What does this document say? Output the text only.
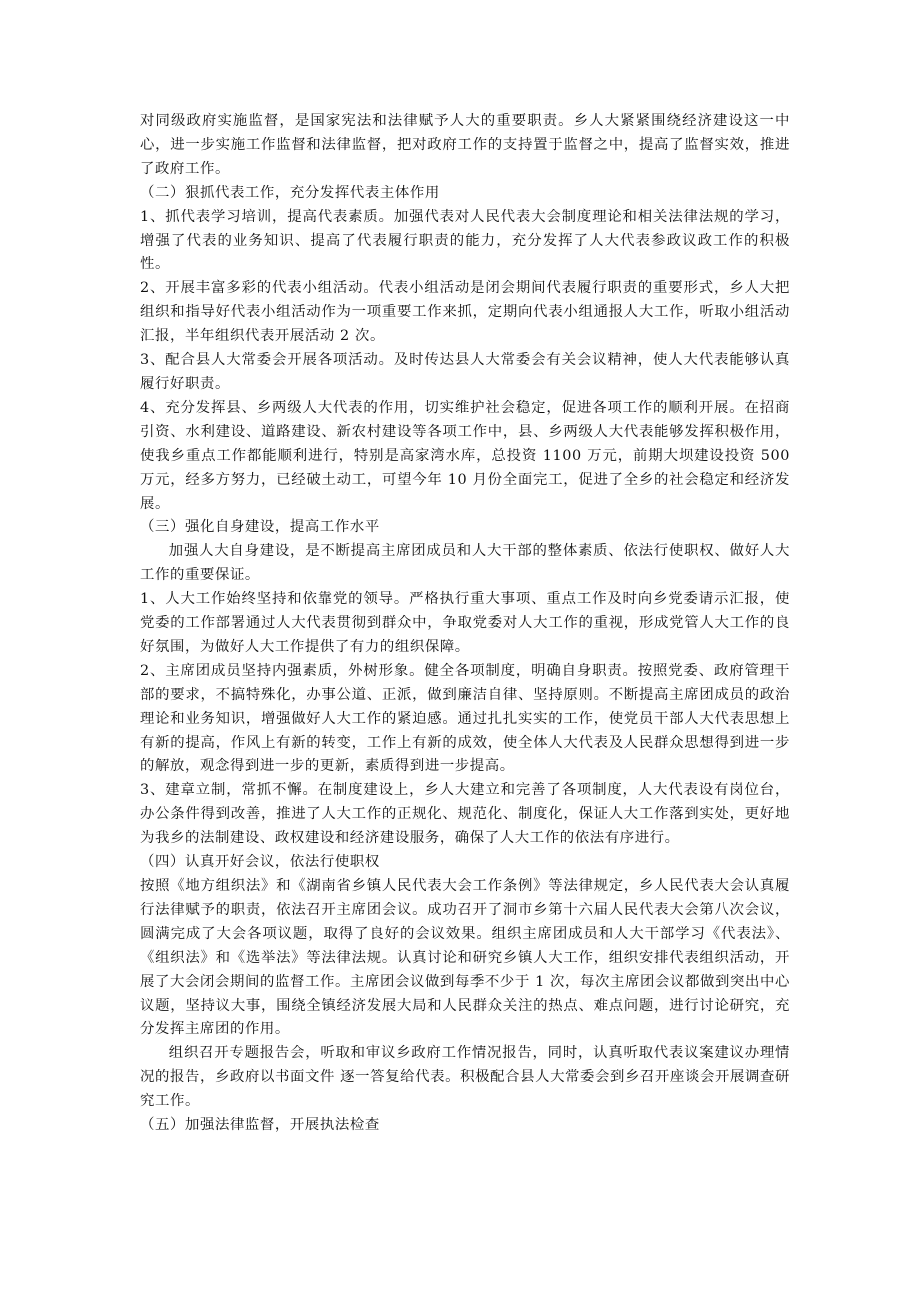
对同级政府实施监督，是国家宪法和法律赋予人大的重要职责。乡人大紧紧围绕经济建设这一中心，进一步实施工作监督和法律监督，把对政府工作的支持置于监督之中，提高了监督实效，推进了政府工作。

（二）狠抓代表工作，充分发挥代表主体作用

1、抓代表学习培训，提高代表素质。加强代表对人民代表大会制度理论和相关法律法规的学习，增强了代表的业务知识、提高了代表履行职责的能力，充分发挥了人大代表参政议政工作的积极性。

2、开展丰富多彩的代表小组活动。代表小组活动是闭会期间代表履行职责的重要形式，乡人大把组织和指导好代表小组活动作为一项重要工作来抓，定期向代表小组通报人大工作，听取小组活动汇报，半年组织代表开展活动 2 次。

3、配合县人大常委会开展各项活动。及时传达县人大常委会有关会议精神，使人大代表能够认真履行好职责。

4、充分发挥县、乡两级人大代表的作用，切实维护社会稳定，促进各项工作的顺利开展。在招商引资、水利建设、道路建设、新农村建设等各项工作中，县、乡两级人大代表能够发挥积极作用，使我乡重点工作都能顺利进行，特别是高家湾水库，总投资 1100 万元，前期大坝建设投资 500 万元，经多方努力，已经破土动工，可望今年 10 月份全面完工，促进了全乡的社会稳定和经济发展。

（三）强化自身建设，提高工作水平

加强人大自身建设，是不断提高主席团成员和人大干部的整体素质、依法行使职权、做好人大工作的重要保证。

1、人大工作始终坚持和依靠党的领导。严格执行重大事项、重点工作及时向乡党委请示汇报，使党委的工作部署通过人大代表贯彻到群众中，争取党委对人大工作的重视，形成党管人大工作的良好氛围，为做好人大工作提供了有力的组织保障。

2、主席团成员坚持内强素质，外树形象。健全各项制度，明确自身职责。按照党委、政府管理干部的要求，不搞特殊化，办事公道、正派，做到廉洁自律、坚持原则。不断提高主席团成员的政治理论和业务知识，增强做好人大工作的紧迫感。通过扎扎实实的工作，使党员干部人大代表思想上有新的提高，作风上有新的转变，工作上有新的成效，使全体人大代表及人民群众思想得到进一步的解放，观念得到进一步的更新，素质得到进一步提高。

3、建章立制，常抓不懈。在制度建设上，乡人大建立和完善了各项制度，人大代表设有岗位台，办公条件得到改善，推进了人大工作的正规化、规范化、制度化，保证人大工作落到实处，更好地为我乡的法制建设、政权建设和经济建设服务，确保了人大工作的依法有序进行。

（四）认真开好会议，依法行使职权

按照《地方组织法》和《湖南省乡镇人民代表大会工作条例》等法律规定，乡人民代表大会认真履行法律赋予的职责，依法召开主席团会议。成功召开了洞市乡第十六届人民代表大会第八次会议，圆满完成了大会各项议题，取得了良好的会议效果。组织主席团成员和人大干部学习《代表法》、《组织法》和《选举法》等法律法规。认真讨论和研究乡镇人大工作，组织安排代表组织活动，开展了大会闭会期间的监督工作。主席团会议做到每季不少于 1 次，每次主席团会议都做到突出中心议题，坚持议大事，围绕全镇经济发展大局和人民群众关注的热点、难点问题，进行讨论研究，充分发挥主席团的作用。

组织召开专题报告会，听取和审议乡政府工作情况报告，同时，认真听取代表议案建议办理情况的报告，乡政府以书面文件 逐一答复给代表。积极配合县人大常委会到乡召开座谈会开展调查研究工作。

（五）加强法律监督，开展执法检查
